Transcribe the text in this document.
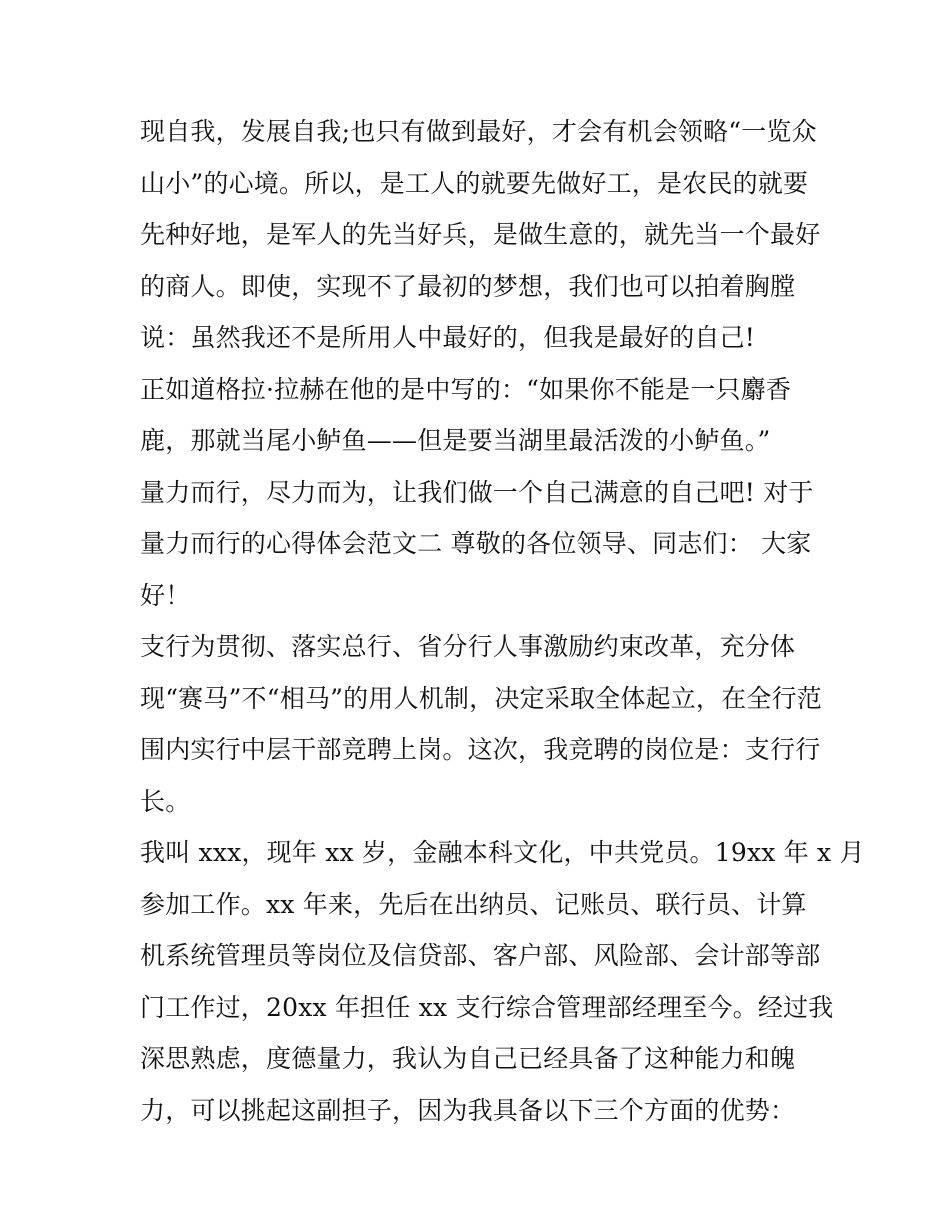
现自我，发展自我;也只有做到最好，才会有机会领略“一览众
山小”的心境。所以，是工人的就要先做好工，是农民的就要
先种好地，是军人的先当好兵，是做生意的，就先当一个最好
的商人。即使，实现不了最初的梦想，我们也可以拍着胸膛
说：虽然我还不是所用人中最好的，但我是最好的自己!
正如道格拉·拉赫在他的是中写的：“如果你不能是一只麝香
鹿，那就当尾小鲈鱼——但是要当湖里最活泼的小鲈鱼。”
量力而行，尽力而为，让我们做一个自己满意的自己吧! 对于
量力而行的心得体会范文二 尊敬的各位领导、同志们： 大家
好！
支行为贯彻、落实总行、省分行人事激励约束改革，充分体
现“赛马”不“相马”的用人机制，决定采取全体起立，在全行范
围内实行中层干部竞聘上岗。这次，我竞聘的岗位是：支行行
长。
我叫 xxx，现年 xx 岁，金融本科文化，中共党员。19xx 年 x 月
参加工作。xx 年来，先后在出纳员、记账员、联行员、计算
机系统管理员等岗位及信贷部、客户部、风险部、会计部等部
门工作过，20xx 年担任 xx 支行综合管理部经理至今。经过我
深思熟虑，度德量力，我认为自己已经具备了这种能力和魄
力，可以挑起这副担子，因为我具备以下三个方面的优势：
